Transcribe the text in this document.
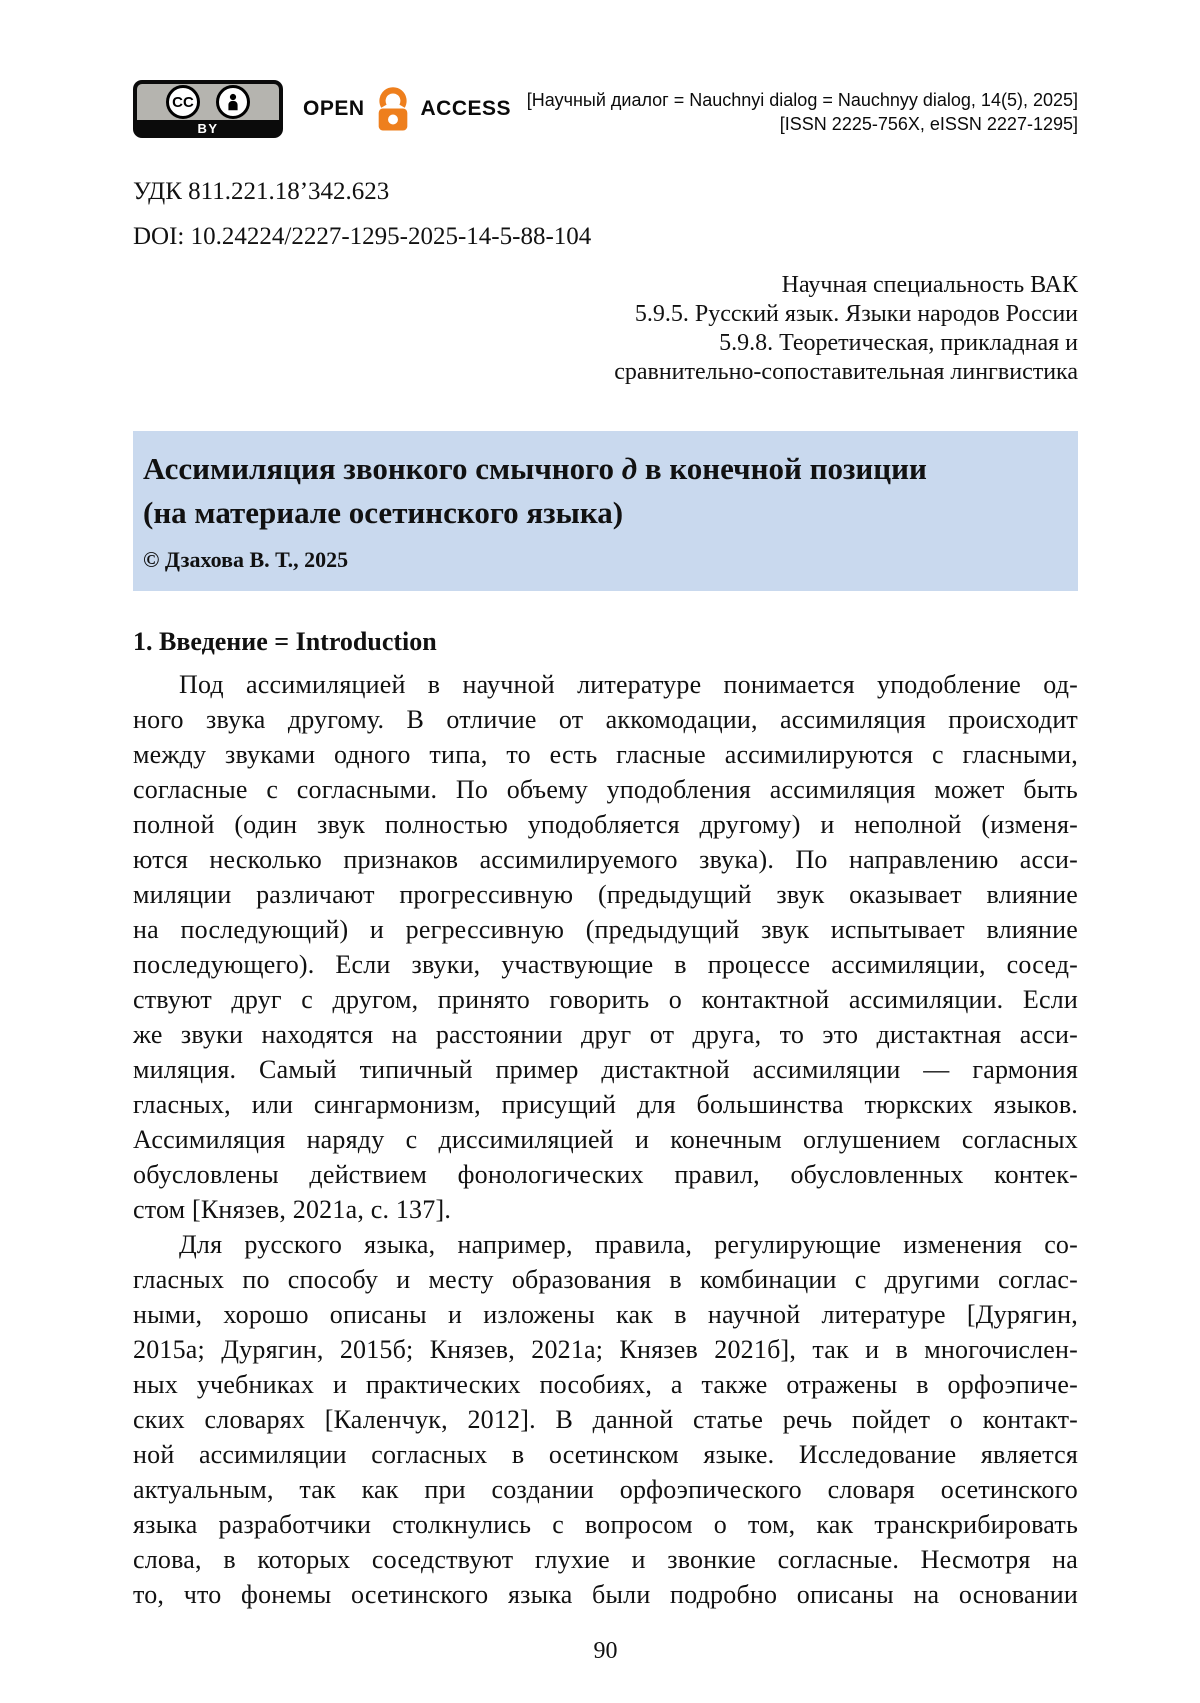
CC
BY
OPEN	ACCESS [Научный диалог = Nauchnyi dialog = Nauchnyy dialog, 14(5), 2025]
[ISSN 2225-756X, eISSN 2227-1295]
УДК 811.221.18’342.623
DOI: 10.24224/2227-1295-2025-14-5-88-104
Научная специальность ВАК
5.9.5. Русский язык. Языки народов России
5.9.8. Теоретическая, прикладная и
сравнительно-сопоставительная лингвистика
Ассимиляция звонкого смычного д в конечной позиции
(на материале осетинского языка)
© Дзахова В. Т., 2025
1. Введение = Introduction
Под ассимиляцией в научной литературе понимается уподобление од-
ного звука другому. В отличие от аккомодации, ассимиляция происходит
между звуками одного типа, то есть гласные ассимилируются с гласными,
согласные с согласными. По объему уподобления ассимиляция может быть
полной (один звук полностью уподобляется другому) и неполной (изменя-
ются несколько признаков ассимилируемого звука). По направлению асси-
миляции различают прогрессивную (предыдущий звук оказывает влияние
на последующий) и регрессивную (предыдущий звук испытывает влияние
последующего). Если звуки, участвующие в процессе ассимиляции, сосед-
ствуют друг с другом, принято говорить о контактной ассимиляции. Если
же звуки находятся на расстоянии друг от друга, то это дистактная асси-
миляция. Самый типичный пример дистактной ассимиляции — гармония
гласных, или сингармонизм, присущий для большинства тюркских языков.
Ассимиляция наряду с диссимиляцией и конечным оглушением согласных
обусловлены действием фонологических правил, обусловленных контек-
стом [Князев, 2021а, с. 137].
Для русского языка, например, правила, регулирующие изменения со-
гласных по способу и месту образования в комбинации с другими соглас-
ными, хорошо описаны и изложены как в научной литературе [Дурягин,
2015а; Дурягин, 2015б; Князев, 2021а; Князев 2021б], так и в многочислен-
ных учебниках и практических пособиях, а также отражены в орфоэпиче-
ских словарях [Каленчук, 2012]. В данной статье речь пойдет о контакт-
ной ассимиляции согласных в осетинском языке. Исследование является
актуальным, так как при создании орфоэпического словаря осетинского
языка разработчики столкнулись с вопросом о том, как транскрибировать
слова, в которых соседствуют глухие и звонкие согласные. Несмотря на
то, что фонемы осетинского языка были подробно описаны на основании
90
